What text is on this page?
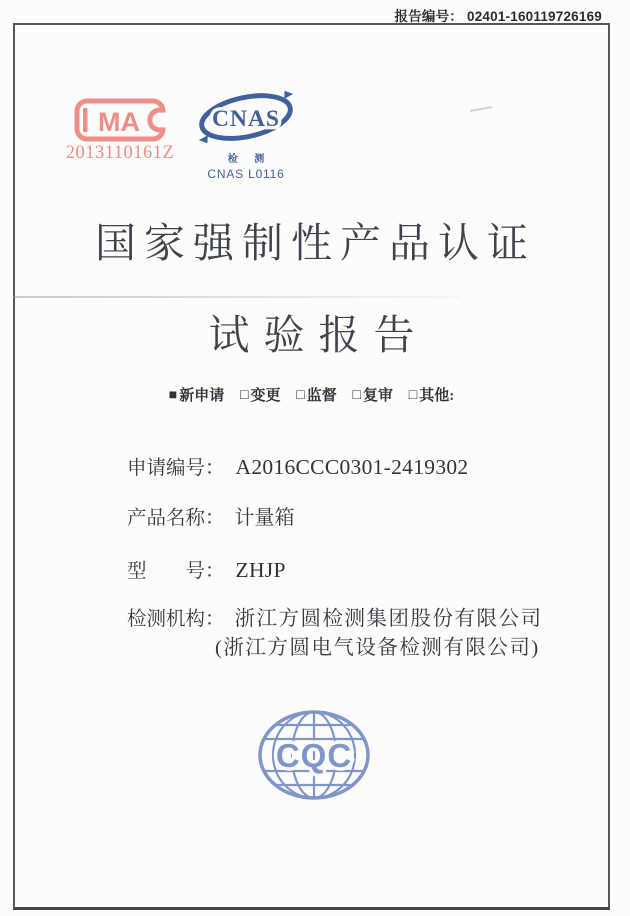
报告编号： 02401-160119726169
MA
2013110161Z
CNAS
检 测
CNAS L0116
国家强制性产品认证
试验报告
■ 新申请 □ 变更 □ 监督 □ 复审 □ 其他:
申请编号： A2016CCC0301-2419302
产品名称： 计量箱
型　　号： ZHJP
检测机构： 浙江方圆检测集团股份有限公司
(浙江方圆电气设备检测有限公司)
CQC
